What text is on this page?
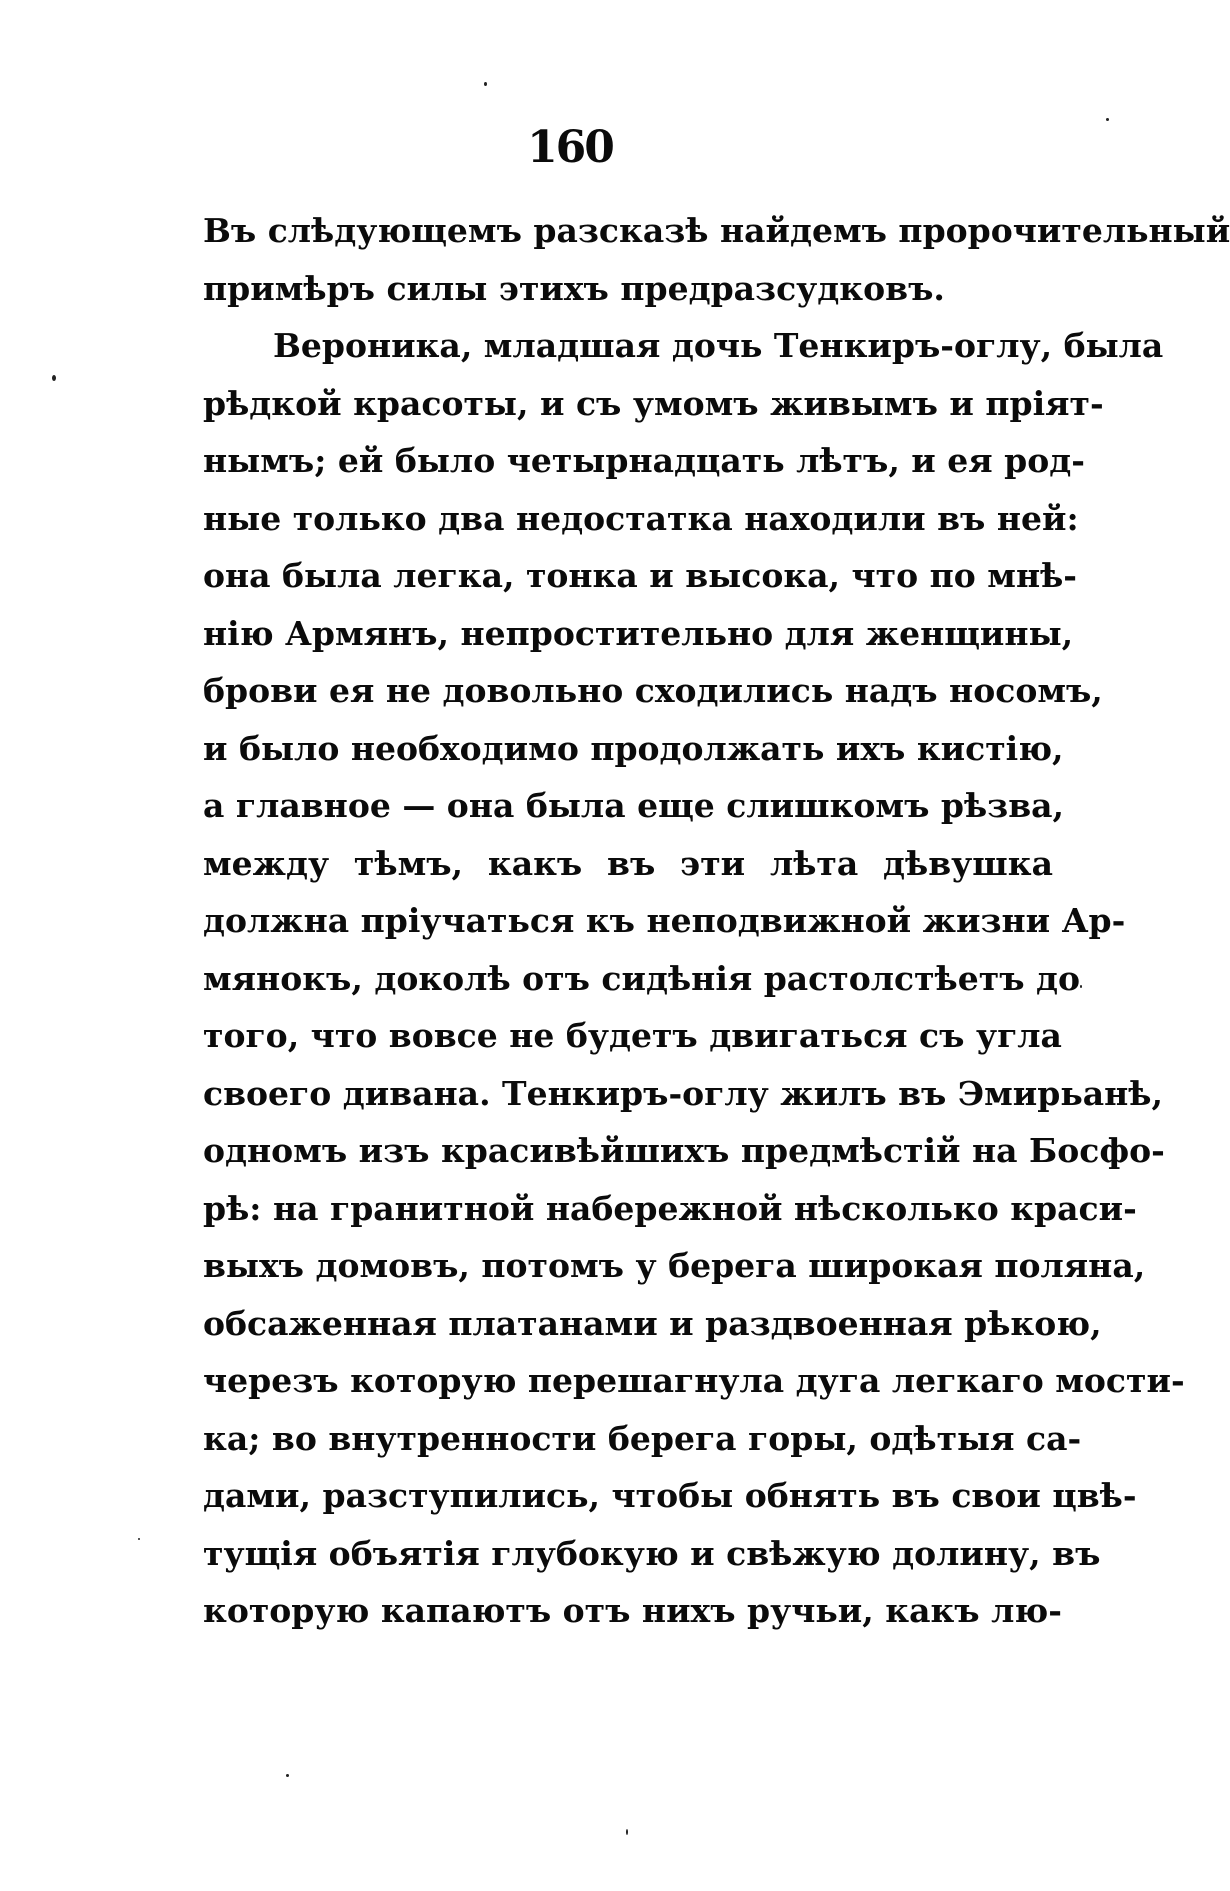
160
Въ слѣдующемъ разсказѣ найдемъ пророчительный
примѣръ силы этихъ предразсудковъ.
Вероника, младшая дочь Тенкиръ-оглу, была
рѣдкой красоты, и съ умомъ живымъ и пріят-
нымъ; ей было четырнадцать лѣтъ, и ея род-
ные только два недостатка находили въ ней:
она была легка, тонка и высока, что по мнѣ-
нію Армянъ, непростительно для женщины,
брови ея не довольно сходились надъ носомъ,
и было необходимо продолжать ихъ кистію,
а главное — она была еще слишкомъ рѣзва,
между тѣмъ, какъ въ эти лѣта дѣвушка
должна пріучаться къ неподвижной жизни Ар-
мянокъ, доколѣ отъ сидѣнія растолстѣетъ до
того, что вовсе не будетъ двигаться съ угла
своего дивана. Тенкиръ-оглу жилъ въ Эмирьанѣ,
одномъ изъ красивѣйшихъ предмѣстій на Босфо-
рѣ: на гранитной набережной нѣсколько краси-
выхъ домовъ, потомъ у берега широкая поляна,
обсаженная платанами и раздвоенная рѣкою,
черезъ которую перешагнула дуга легкаго мости-
ка; во внутренности берега горы, одѣтыя са-
дами, разступились, чтобы обнять въ свои цвѣ-
тущія объятія глубокую и свѣжую долину, въ
которую капаютъ отъ нихъ ручьи, какъ лю-
